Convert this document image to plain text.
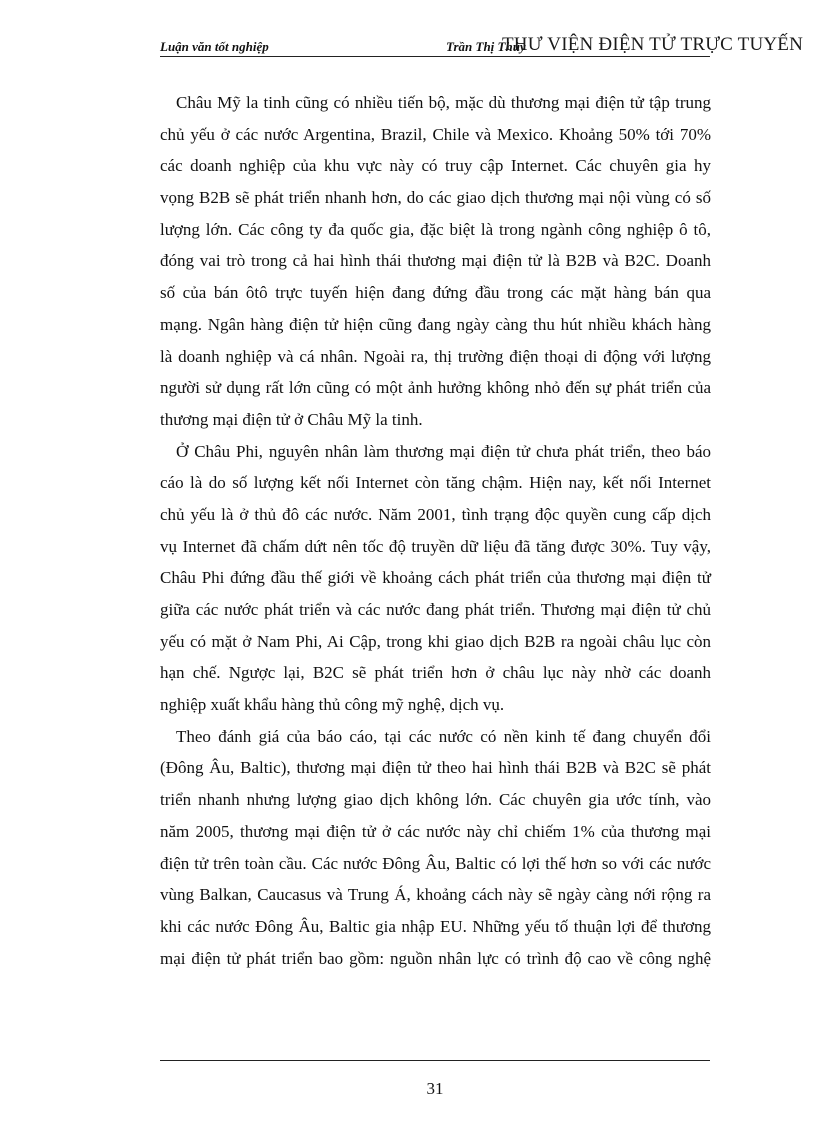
Luận văn tốt nghiệp	Trần Thị Thủy
THƯ VIỆN ĐIỆN TỬ TRỰC TUYẾN
Châu Mỹ la tinh cũng có nhiều tiến bộ, mặc dù thương mại điện tử tập trung
chủ yếu ở các nước Argentina, Brazil, Chile và Mexico. Khoảng 50% tới 70%
các doanh nghiệp của khu vực này có truy cập Internet. Các chuyên gia hy
vọng B2B sẽ phát triển nhanh hơn, do các giao dịch thương mại nội vùng có số
lượng lớn. Các công ty đa quốc gia, đặc biệt là trong ngành công nghiệp ô tô,
đóng vai trò trong cả hai hình thái thương mại điện tử là B2B và B2C. Doanh
số của bán ôtô trực tuyến hiện đang đứng đầu trong các mặt hàng bán qua
mạng. Ngân hàng điện tử hiện cũng đang ngày càng thu hút nhiều khách hàng
là doanh nghiệp và cá nhân. Ngoài ra, thị trường điện thoại di động với lượng
người sử dụng rất lớn cũng có một ảnh hưởng không nhỏ đến sự phát triển của
thương mại điện tử ở Châu Mỹ la tinh.
Ở Châu Phi, nguyên nhân làm thương mại điện tử chưa phát triển, theo báo
cáo là do số lượng kết nối Internet còn tăng chậm. Hiện nay, kết nối Internet
chủ yếu là ở thủ đô các nước. Năm 2001, tình trạng độc quyền cung cấp dịch
vụ Internet đã chấm dứt nên tốc độ truyền dữ liệu đã tăng được 30%. Tuy vậy,
Châu Phi đứng đầu thế giới về khoảng cách phát triển của thương mại điện tử
giữa các nước phát triển và các nước đang phát triển. Thương mại điện tử chủ
yếu có mặt ở Nam Phi, Ai Cập, trong khi giao dịch B2B ra ngoài châu lục còn
hạn chế. Ngược lại, B2C sẽ phát triển hơn ở châu lục này nhờ các doanh
nghiệp xuất khẩu hàng thủ công mỹ nghệ, dịch vụ.
Theo đánh giá của báo cáo, tại các nước có nền kinh tế đang chuyển đổi
(Đông Âu, Baltic), thương mại điện tử theo hai hình thái B2B và B2C sẽ phát
triển nhanh nhưng lượng giao dịch không lớn. Các chuyên gia ước tính, vào
năm 2005, thương mại điện tử ở các nước này chỉ chiếm 1% của thương mại
điện tử trên toàn cầu. Các nước Đông Âu, Baltic có lợi thế hơn so với các nước
vùng Balkan, Caucasus và Trung Á, khoảng cách này sẽ ngày càng nới rộng ra
khi các nước Đông Âu, Baltic gia nhập EU. Những yếu tố thuận lợi để thương
mại điện tử phát triển bao gồm: nguồn nhân lực có trình độ cao về công nghệ
31
